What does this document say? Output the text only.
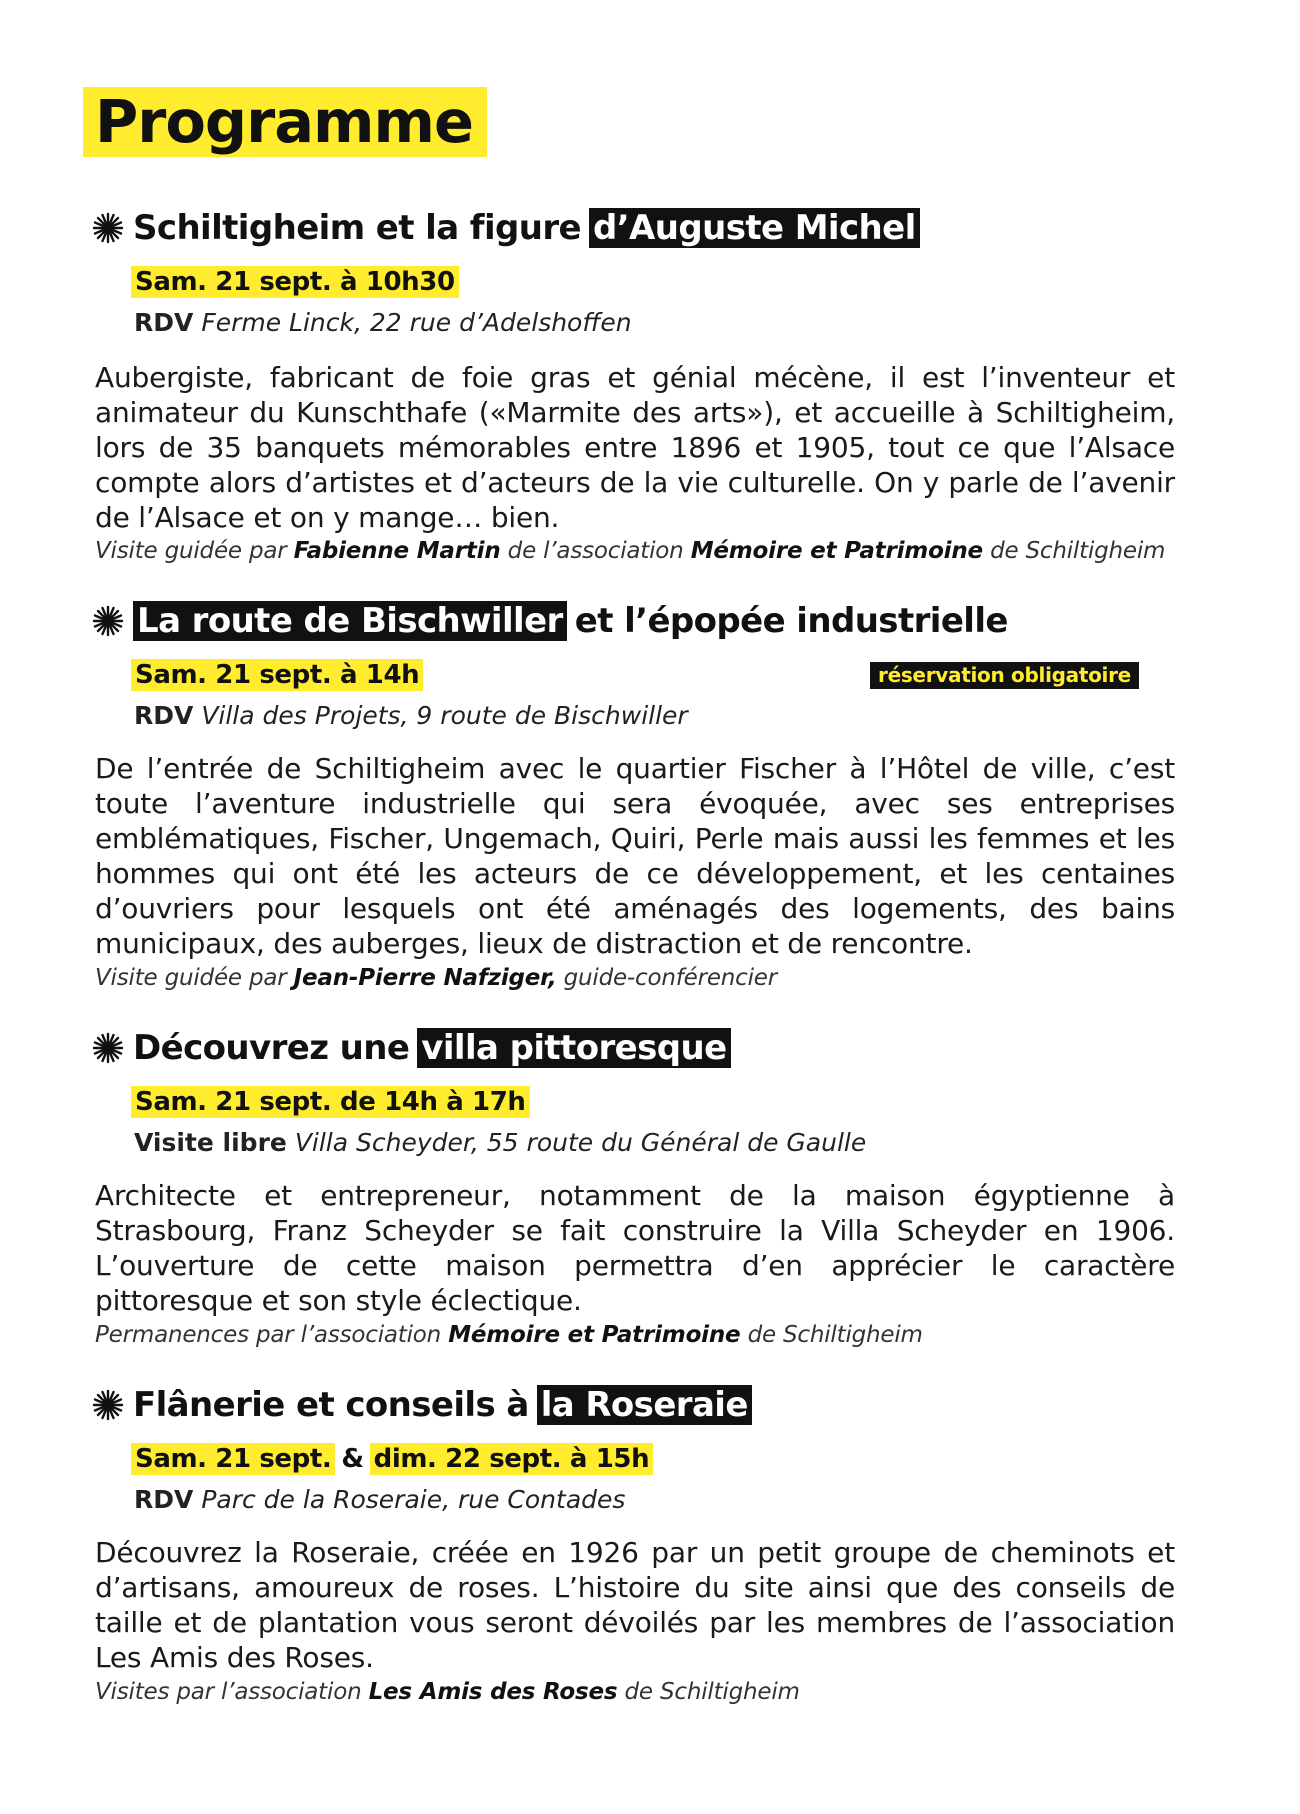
Programme
Schiltigheim et la figure d’Auguste Michel
Sam. 21 sept. à 10h30
RDV Ferme Linck, 22 rue d’Adelshoffen

Aubergiste, fabricant de foie gras et génial mécène, il est l’inventeur et animateur du Kunschthafe («Marmite des arts»), et accueille à Schiltigheim, lors de 35 banquets mémorables entre 1896 et 1905, tout ce que l’Alsace compte alors d’artistes et d’acteurs de la vie culturelle. On y parle de l’avenir de l’Alsace et on y mange… bien.

Visite guidée par Fabienne Martin de l’association Mémoire et Patrimoine de Schiltigheim
La route de Bischwiller et l’épopée industrielle
Sam. 21 sept. à 14h	réservation obligatoire
RDV Villa des Projets, 9 route de Bischwiller

De l’entrée de Schiltigheim avec le quartier Fischer à l’Hôtel de ville, c’est toute l’aventure industrielle qui sera évoquée, avec ses entreprises emblématiques, Fischer, Ungemach, Quiri, Perle mais aussi les femmes et les hommes qui ont été les acteurs de ce développement, et les centaines d’ouvriers pour lesquels ont été aménagés des logements, des bains municipaux, des auberges, lieux de distraction et de rencontre.

Visite guidée par Jean-Pierre Nafziger, guide-conférencier
Découvrez une villa pittoresque
Sam. 21 sept. de 14h à 17h
Visite libre Villa Scheyder, 55 route du Général de Gaulle

Architecte et entrepreneur, notamment de la maison égyptienne à Strasbourg, Franz Scheyder se fait construire la Villa Scheyder en 1906. L’ouverture de cette maison permettra d’en apprécier le caractère pittoresque et son style éclectique.

Permanences par l’association Mémoire et Patrimoine de Schiltigheim
Flânerie et conseils à la Roseraie
Sam. 21 sept. & dim. 22 sept. à 15h
RDV Parc de la Roseraie, rue Contades

Découvrez la Roseraie, créée en 1926 par un petit groupe de cheminots et d’artisans, amoureux de roses. L’histoire du site ainsi que des conseils de taille et de plantation vous seront dévoilés par les membres de l’association Les Amis des Roses.

Visites par l’association Les Amis des Roses de Schiltigheim
